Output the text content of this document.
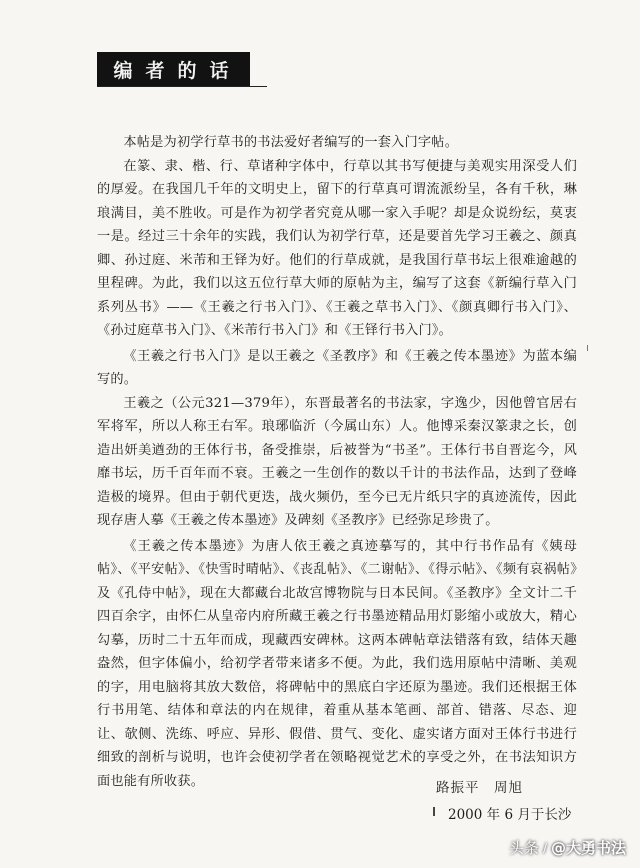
编者的话

本帖是为初学行草书的书法爱好者编写的一套入门字帖。

在篆、隶、楷、行、草诸种字体中，行草以其书写便捷与美观实用深受人们的厚爱。在我国几千年的文明史上，留下的行草真可谓流派纷呈，各有千秋，琳琅满目，美不胜收。可是作为初学者究竟从哪一家入手呢？却是众说纷纭，莫衷一是。经过三十余年的实践，我们认为初学行草，还是要首先学习王羲之、颜真卿、孙过庭、米芾和王铎为好。他们的行草成就，是我国行草书坛上很难逾越的里程碑。为此，我们以这五位行草大师的原帖为主，编写了这套《新编行草入门系列丛书》——《王羲之行书入门》、《王羲之草书入门》、《颜真卿行书入门》、《孙过庭草书入门》、《米芾行书入门》和《王铎行书入门》。

《王羲之行书入门》是以王羲之《圣教序》和《王羲之传本墨迹》为蓝本编写的。

王羲之（公元321—379年），东晋最著名的书法家，字逸少，因他曾官居右军将军，所以人称王右军。琅琊临沂（今属山东）人。他博采秦汉篆隶之长，创造出妍美遒劲的王体行书，备受推崇，后被誉为“书圣”。王体行书自晋迄今，风靡书坛，历千百年而不衰。王羲之一生创作的数以千计的书法作品，达到了登峰造极的境界。但由于朝代更迭，战火频仍，至今已无片纸只字的真迹流传，因此现存唐人摹《王羲之传本墨迹》及碑刻《圣教序》已经弥足珍贵了。

《王羲之传本墨迹》为唐人依王羲之真迹摹写的，其中行书作品有《姨母帖》、《平安帖》、《快雪时晴帖》、《丧乱帖》、《二谢帖》、《得示帖》、《频有哀祸帖》及《孔侍中帖》，现在大都藏台北故宫博物院与日本民间。《圣教序》全文计二千四百余字，由怀仁从皇帝内府所藏王羲之行书墨迹精品用灯影缩小或放大，精心勾摹，历时二十五年而成，现藏西安碑林。这两本碑帖章法错落有致，结体天趣盎然，但字体偏小，给初学者带来诸多不便。为此，我们选用原帖中清晰、美观的字，用电脑将其放大数倍，将碑帖中的黑底白字还原为墨迹。我们还根据王体行书用笔、结体和章法的内在规律，着重从基本笔画、部首、错落、尽态、迎让、欹侧、洗练、呼应、异形、假借、贯气、变化、虚实诸方面对王体行书进行细致的剖析与说明，也许会使初学者在领略视觉艺术的享受之外，在书法知识方面也能有所收获。	路振平　周旭
2000 年 6 月于长沙
头条 / @大勇书法
